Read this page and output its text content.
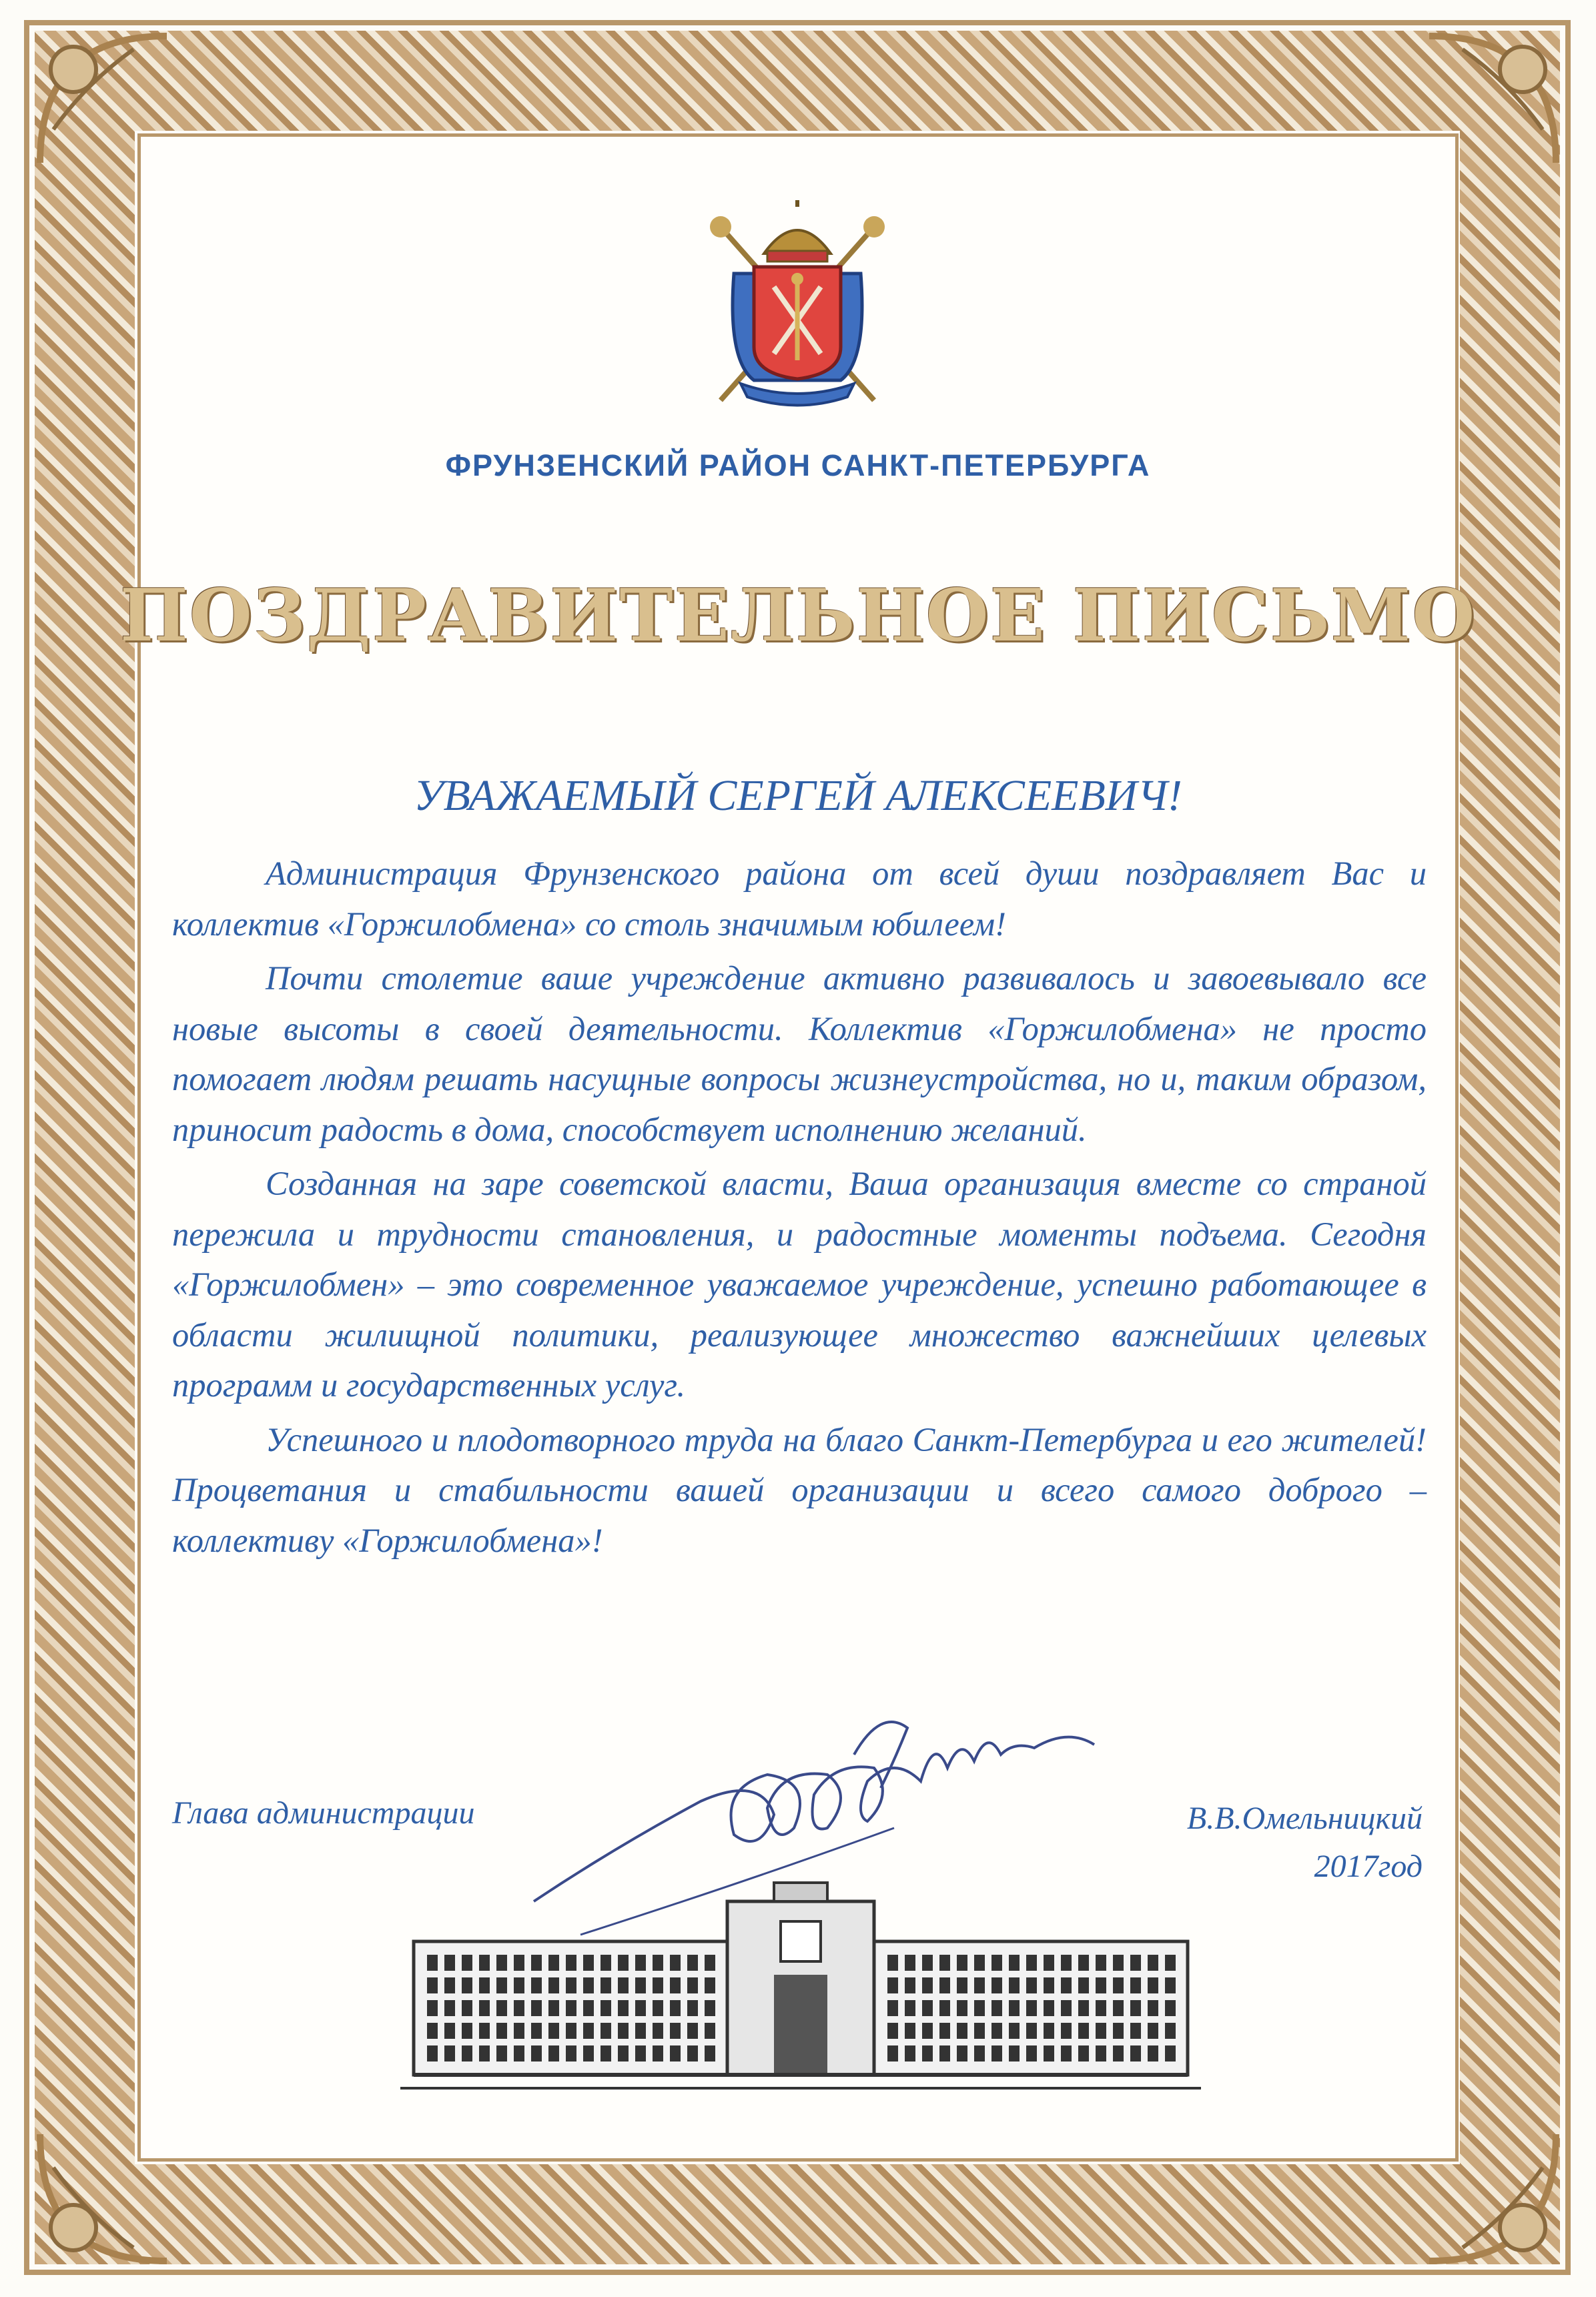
ФРУНЗЕНСКИЙ РАЙОН САНКТ-ПЕТЕРБУРГА
ПОЗДРАВИТЕЛЬНОЕ ПИСЬМО
УВАЖАЕМЫЙ СЕРГЕЙ АЛЕКСЕЕВИЧ!

Администрация Фрунзенского района от всей души поздравляет Вас и коллектив «Горжилобмена» со столь значимым юбилеем!

Почти столетие ваше учреждение активно развивалось и завоевывало все новые высоты в своей деятельности. Коллектив «Горжилобмена» не просто помогает людям решать насущные вопросы жизнеустройства, но и, таким образом, приносит радость в дома, способствует исполнению желаний.

Созданная на заре советской власти, Ваша организация вместе со страной пережила и трудности становления, и радостные моменты подъема. Сегодня «Горжилобмен» – это современное уважаемое учреждение, успешно работающее в области жилищной политики, реализующее множество важнейших целевых программ и государственных услуг.

Успешного и плодотворного труда на благо Санкт-Петербурга и его жителей! Процветания и стабильности вашей организации и всего самого доброго – коллективу «Горжилобмена»!

Глава администрации	В.В.Омельницкий
2017год
